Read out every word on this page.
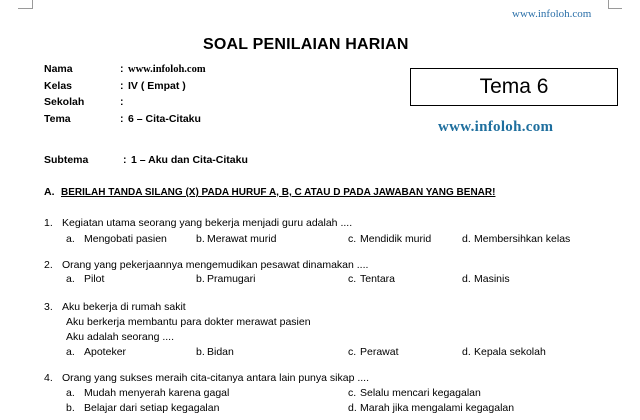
www.infoloh.com
SOAL PENILAIAN HARIAN
Nama	: www.infoloh.com
Kelas	: IV ( Empat )
Sekolah	:
Tema	: 6 – Cita-Citaku
Tema 6
www.infoloh.com
Subtema	: 1 – Aku dan Cita-Citaku
A. BERILAH TANDA SILANG (X) PADA HURUF A, B, C ATAU D PADA JAWABAN YANG BENAR!
1. Kegiatan utama seorang yang bekerja menjadi guru adalah ....
a. Mengobati pasien	b. Merawat murid	c. Mendidik murid	d. Membersihkan kelas
2. Orang yang pekerjaannya mengemudikan pesawat dinamakan ....
a. Pilot	b. Pramugari	c. Tentara	d. Masinis
3. Aku bekerja di rumah sakit
Aku berkerja membantu para dokter merawat pasien
Aku adalah seorang ....
a. Apoteker	b. Bidan	c. Perawat	d. Kepala sekolah
4. Orang yang sukses meraih cita-citanya antara lain punya sikap ....
a. Mudah menyerah karena gagal	c. Selalu mencari kegagalan
b. Belajar dari setiap kegagalan	d. Marah jika mengalami kegagalan
